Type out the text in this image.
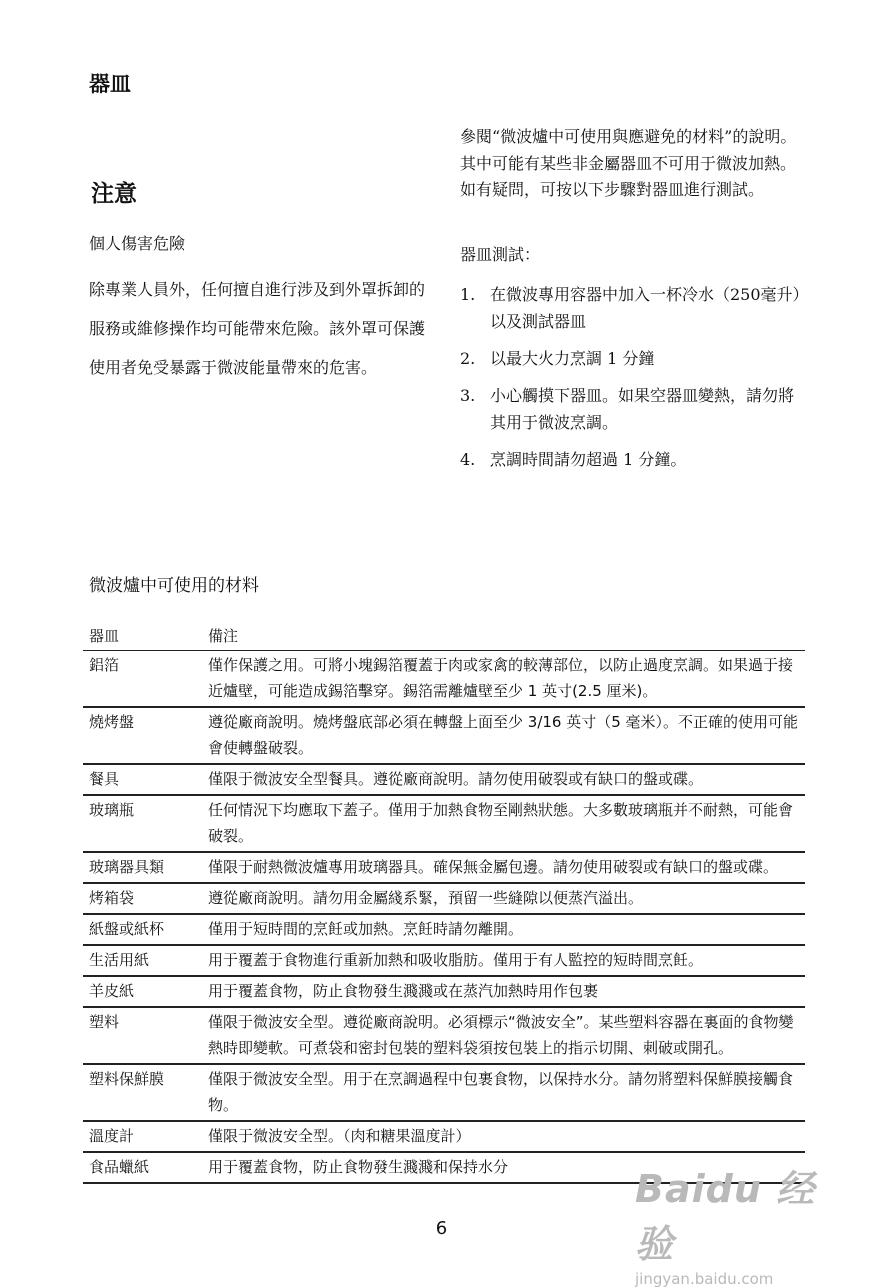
器皿
注意
個人傷害危險
除專業人員外，任何擅自進行涉及到外罩拆卸的服務或維修操作均可能帶來危險。該外罩可保護使用者免受暴露于微波能量帶來的危害。
參閱“微波爐中可使用與應避免的材料”的說明。其中可能有某些非金屬器皿不可用于微波加熱。如有疑問，可按以下步驟對器皿進行測試。
器皿測試：
1. 在微波專用容器中加入一杯冷水（250毫升）以及測試器皿
2. 以最大火力烹調 1 分鐘
3. 小心觸摸下器皿。如果空器皿變熱，請勿將其用于微波烹調。
4. 烹調時間請勿超過 1 分鐘。
微波爐中可使用的材料
器皿	備注
鋁箔	僅作保護之用。可將小塊錫箔覆蓋于肉或家禽的較薄部位，以防止過度烹調。如果過于接近爐壁，可能造成錫箔擊穿。錫箔需離爐壁至少 1 英寸(2.5 厘米)。
燒烤盤	遵從廠商說明。燒烤盤底部必須在轉盤上面至少 3/16 英寸（5 毫米）。不正確的使用可能會使轉盤破裂。
餐具	僅限于微波安全型餐具。遵從廠商說明。請勿使用破裂或有缺口的盤或碟。
玻璃瓶	任何情況下均應取下蓋子。僅用于加熱食物至剛熱狀態。大多數玻璃瓶并不耐熱，可能會破裂。
玻璃器具類	僅限于耐熱微波爐專用玻璃器具。確保無金屬包邊。請勿使用破裂或有缺口的盤或碟。
烤箱袋	遵從廠商說明。請勿用金屬綫系緊，預留一些縫隙以便蒸汽溢出。
紙盤或紙杯	僅用于短時間的烹飪或加熱。烹飪時請勿離開。
生活用紙	用于覆蓋于食物進行重新加熱和吸收脂肪。僅用于有人監控的短時間烹飪。
羊皮紙	用于覆蓋食物，防止食物發生濺濺或在蒸汽加熱時用作包裹
塑料	僅限于微波安全型。遵從廠商說明。必須標示“微波安全”。某些塑料容器在裏面的食物變熱時即變軟。可煮袋和密封包裝的塑料袋須按包裝上的指示切開、刺破或開孔。
塑料保鮮膜	僅限于微波安全型。用于在烹調過程中包裹食物，以保持水分。請勿將塑料保鮮膜接觸食物。
溫度計	僅限于微波安全型。（肉和糖果溫度計）
食品蠟紙	用于覆蓋食物，防止食物發生濺濺和保持水分
6
Baidu 经验
jingyan.baidu.com
